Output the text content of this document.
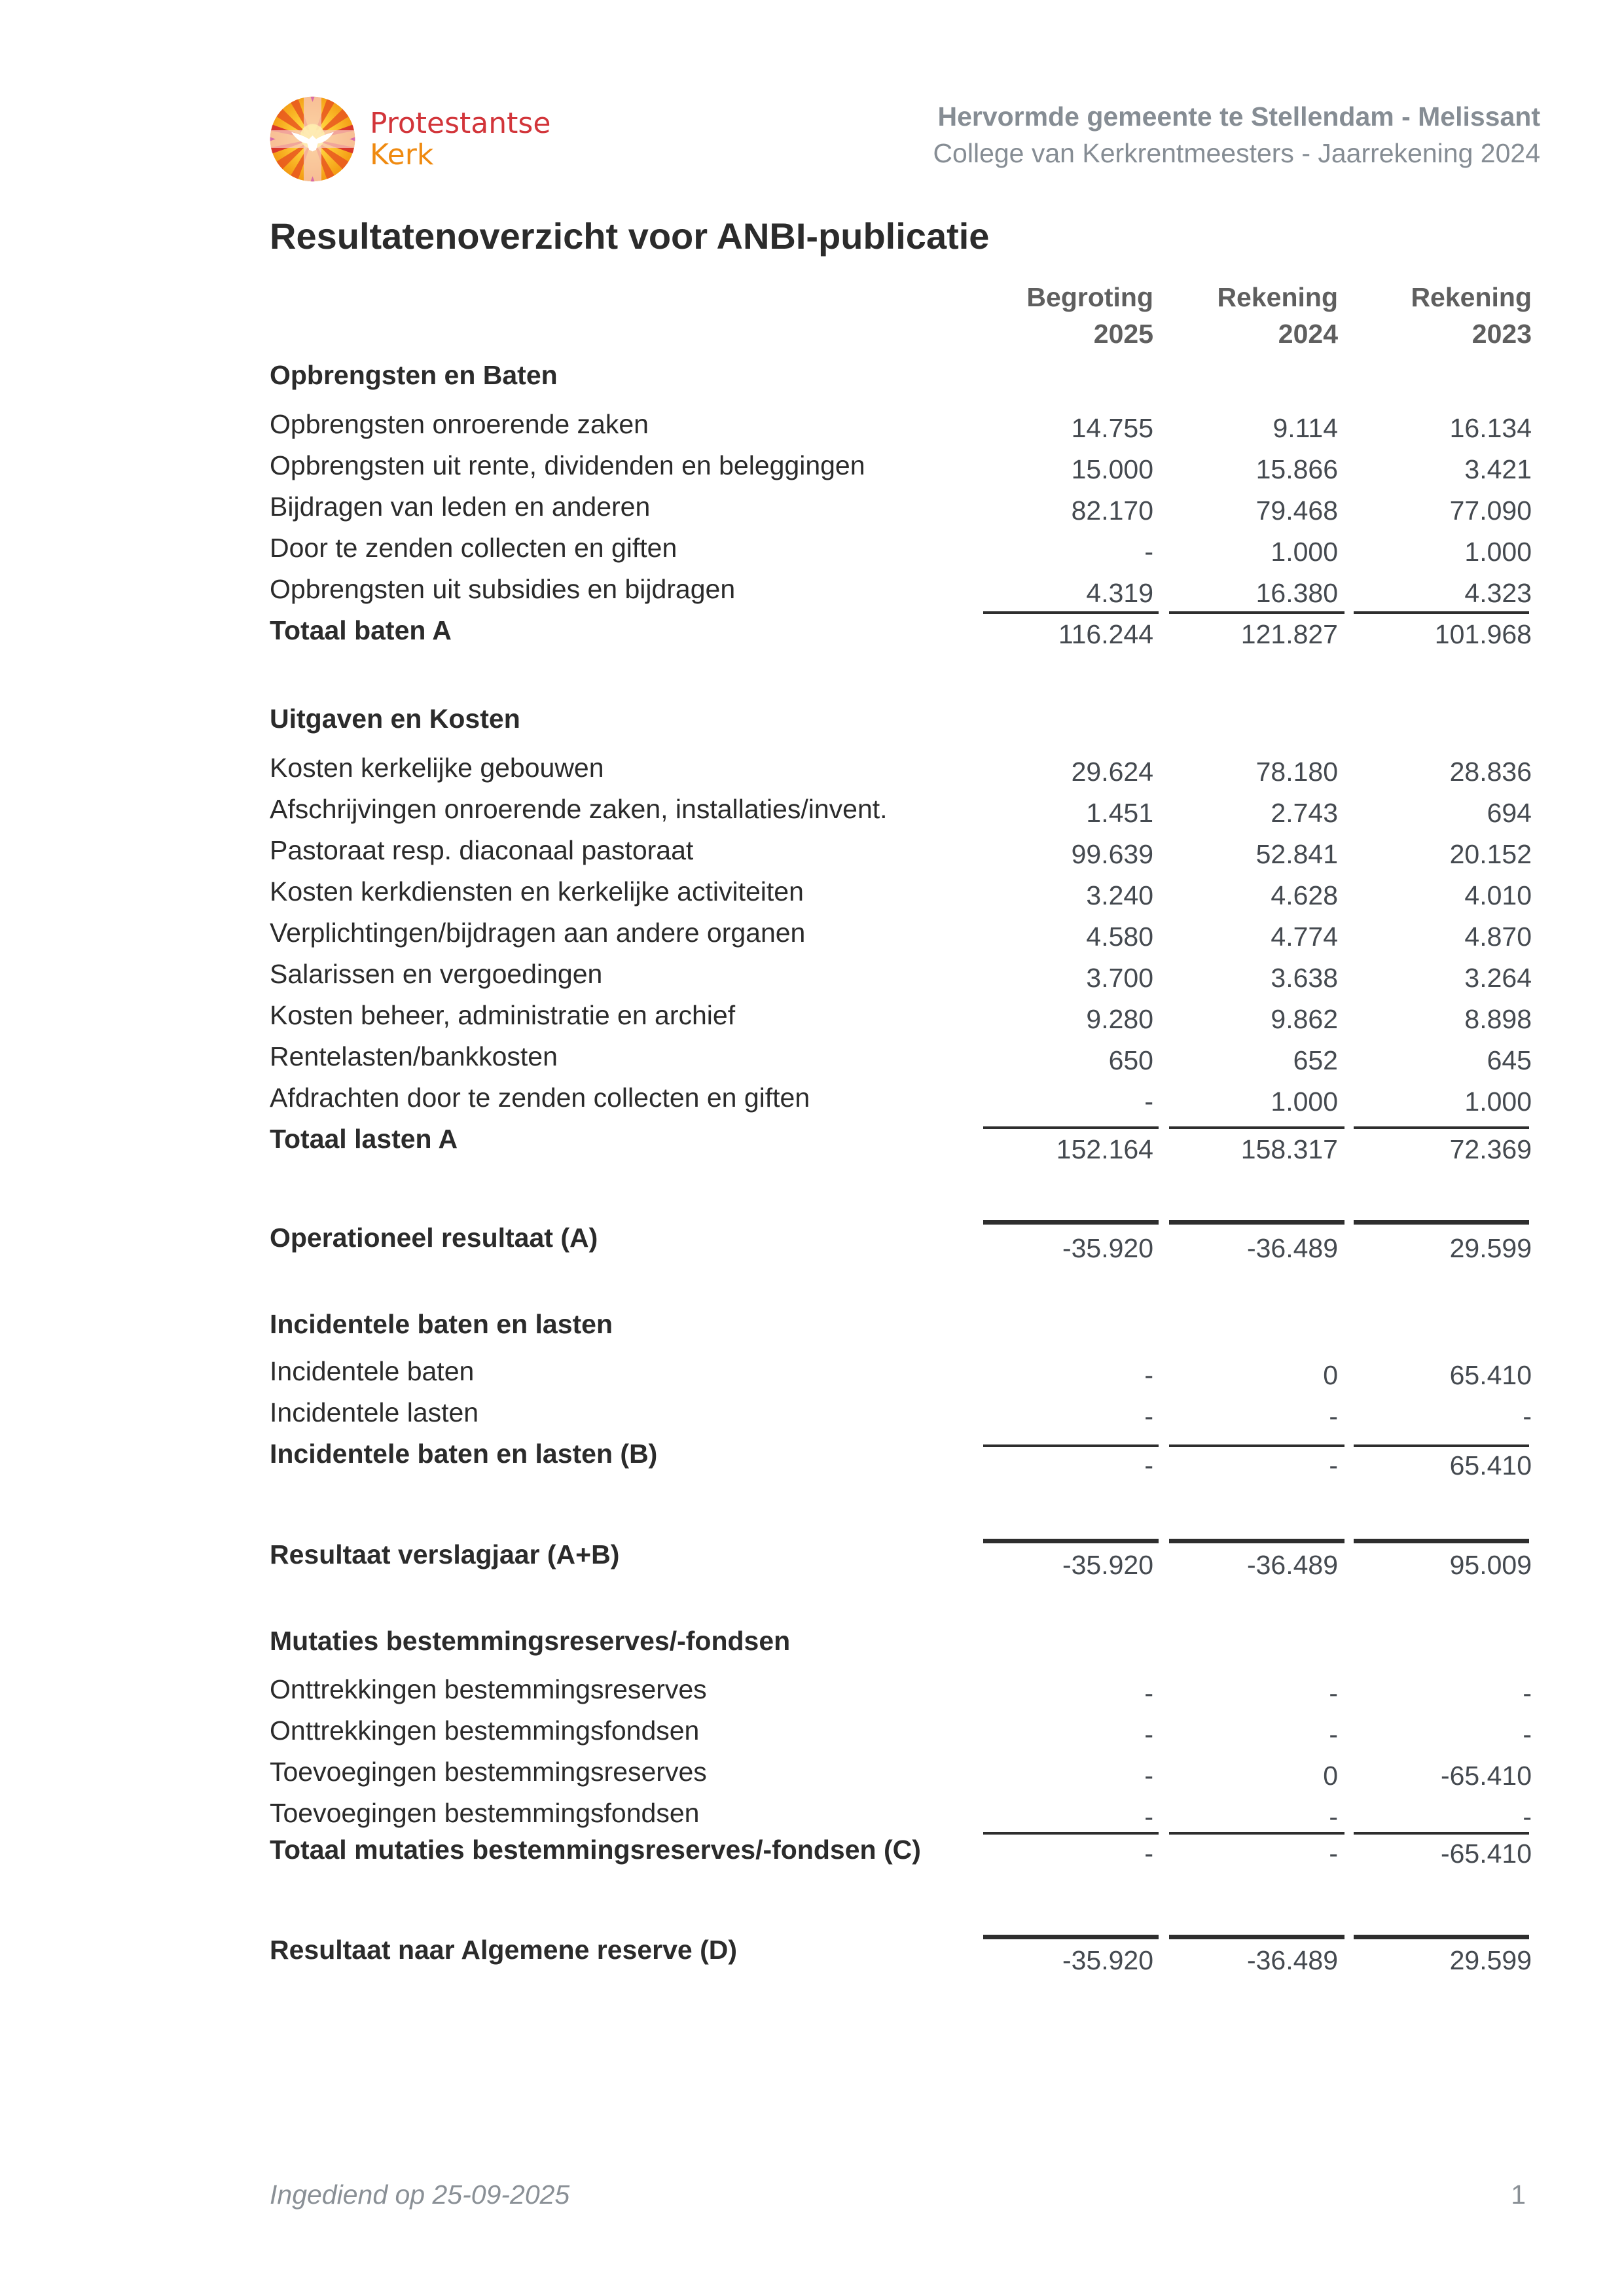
Protestantse
Kerk
Hervormde gemeente te Stellendam - Melissant
College van Kerkrentmeesters - Jaarrekening 2024
Resultatenoverzicht voor ANBI-publicatie
Begroting
2025
Rekening
2024
Rekening
2023
Opbrengsten en Baten
Opbrengsten onroerende zaken	14.755	9.114	16.134
Opbrengsten uit rente, dividenden en beleggingen	15.000	15.866	3.421
Bijdragen van leden en anderen	82.170	79.468	77.090
Door te zenden collecten en giften	-	1.000	1.000
Opbrengsten uit subsidies en bijdragen	4.319	16.380	4.323
Totaal baten A	116.244	121.827	101.968
Uitgaven en Kosten
Kosten kerkelijke gebouwen	29.624	78.180	28.836
Afschrijvingen onroerende zaken, installaties/invent.	1.451	2.743	694
Pastoraat resp. diaconaal pastoraat	99.639	52.841	20.152
Kosten kerkdiensten en kerkelijke activiteiten	3.240	4.628	4.010
Verplichtingen/bijdragen aan andere organen	4.580	4.774	4.870
Salarissen en vergoedingen	3.700	3.638	3.264
Kosten beheer, administratie en archief	9.280	9.862	8.898
Rentelasten/bankkosten	650	652	645
Afdrachten door te zenden collecten en giften	-	1.000	1.000
Totaal lasten A	152.164	158.317	72.369
Operationeel resultaat (A)	-35.920	-36.489	29.599
Incidentele baten en lasten
Incidentele baten	-	0	65.410
Incidentele lasten	-	-	-
Incidentele baten en lasten (B)	-	-	65.410
Resultaat verslagjaar (A+B)	-35.920	-36.489	95.009
Mutaties bestemmingsreserves/-fondsen
Onttrekkingen bestemmingsreserves	-	-	-
Onttrekkingen bestemmingsfondsen	-	-	-
Toevoegingen bestemmingsreserves	-	0	-65.410
Toevoegingen bestemmingsfondsen	-	-	-
Totaal mutaties bestemmingsreserves/-fondsen (C)	-	-	-65.410
Resultaat naar Algemene reserve (D)	-35.920	-36.489	29.599
Ingediend op 25-09-2025	1
